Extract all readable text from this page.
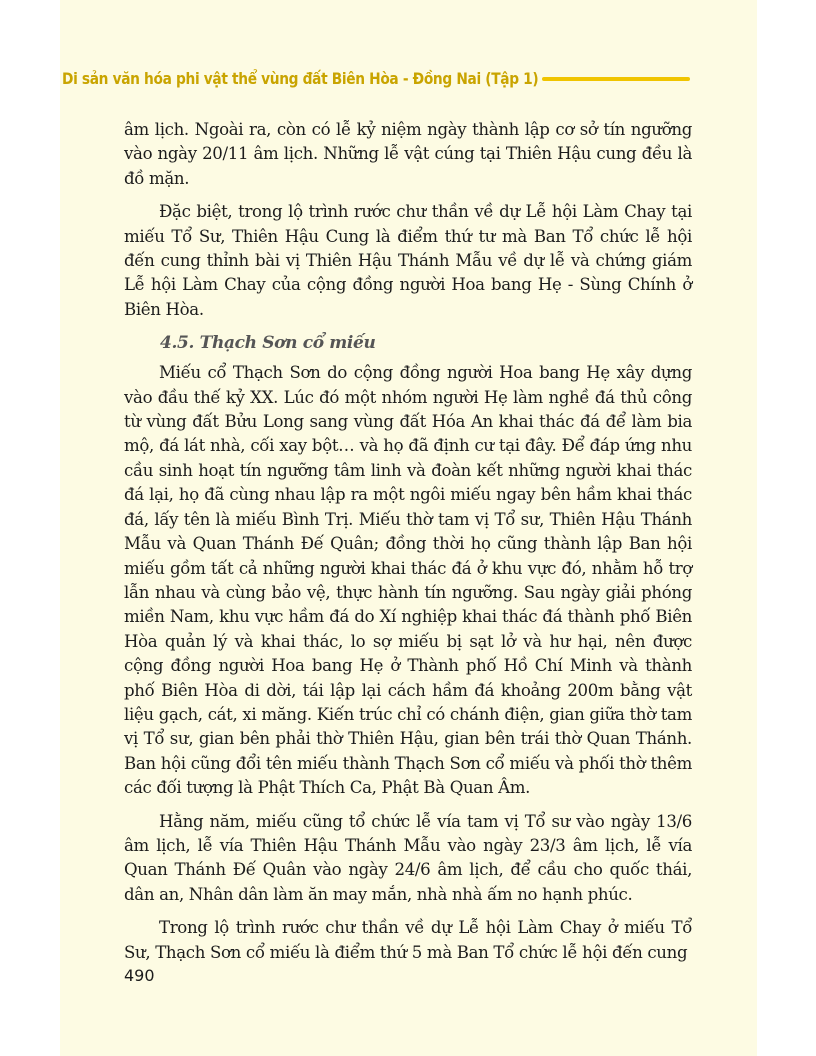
Di sản văn hóa phi vật thể vùng đất Biên Hòa - Đồng Nai (Tập 1)

âm lịch. Ngoài ra, còn có lễ kỷ niệm ngày thành lập cơ sở tín ngưỡng vào ngày 20/11 âm lịch. Những lễ vật cúng tại Thiên Hậu cung đều là đồ mặn.

Đặc biệt, trong lộ trình rước chư thần về dự Lễ hội Làm Chay tại miếu Tổ Sư, Thiên Hậu Cung là điểm thứ tư mà Ban Tổ chức lễ hội đến cung thỉnh bài vị Thiên Hậu Thánh Mẫu về dự lễ và chứng giám Lễ hội Làm Chay của cộng đồng người Hoa bang Hẹ - Sùng Chính ở Biên Hòa.

4.5. Thạch Sơn cổ miếu

Miếu cổ Thạch Sơn do cộng đồng người Hoa bang Hẹ xây dựng vào đầu thế kỷ XX. Lúc đó một nhóm người Hẹ làm nghề đá thủ công từ vùng đất Bửu Long sang vùng đất Hóa An khai thác đá để làm bia mộ, đá lát nhà, cối xay bột… và họ đã định cư tại đây. Để đáp ứng nhu cầu sinh hoạt tín ngưỡng tâm linh và đoàn kết những người khai thác đá lại, họ đã cùng nhau lập ra một ngôi miếu ngay bên hầm khai thác đá, lấy tên là miếu Bình Trị. Miếu thờ tam vị Tổ sư, Thiên Hậu Thánh Mẫu và Quan Thánh Đế Quân; đồng thời họ cũng thành lập Ban hội miếu gồm tất cả những người khai thác đá ở khu vực đó, nhằm hỗ trợ lẫn nhau và cùng bảo vệ, thực hành tín ngưỡng. Sau ngày giải phóng miền Nam, khu vực hầm đá do Xí nghiệp khai thác đá thành phố Biên Hòa quản lý và khai thác, lo sợ miếu bị sạt lở và hư hại, nên được cộng đồng người Hoa bang Hẹ ở Thành phố Hồ Chí Minh và thành phố Biên Hòa di dời, tái lập lại cách hầm đá khoảng 200m bằng vật liệu gạch, cát, xi măng. Kiến trúc chỉ có chánh điện, gian giữa thờ tam vị Tổ sư, gian bên phải thờ Thiên Hậu, gian bên trái thờ Quan Thánh. Ban hội cũng đổi tên miếu thành Thạch Sơn cổ miếu và phối thờ thêm các đối tượng là Phật Thích Ca, Phật Bà Quan Âm.

Hằng năm, miếu cũng tổ chức lễ vía tam vị Tổ sư vào ngày 13/6 âm lịch, lễ vía Thiên Hậu Thánh Mẫu vào ngày 23/3 âm lịch, lễ vía Quan Thánh Đế Quân vào ngày 24/6 âm lịch, để cầu cho quốc thái, dân an, Nhân dân làm ăn may mắn, nhà nhà ấm no hạnh phúc.

Trong lộ trình rước chư thần về dự Lễ hội Làm Chay ở miếu Tổ Sư, Thạch Sơn cổ miếu là điểm thứ 5 mà Ban Tổ chức lễ hội đến cung

490
